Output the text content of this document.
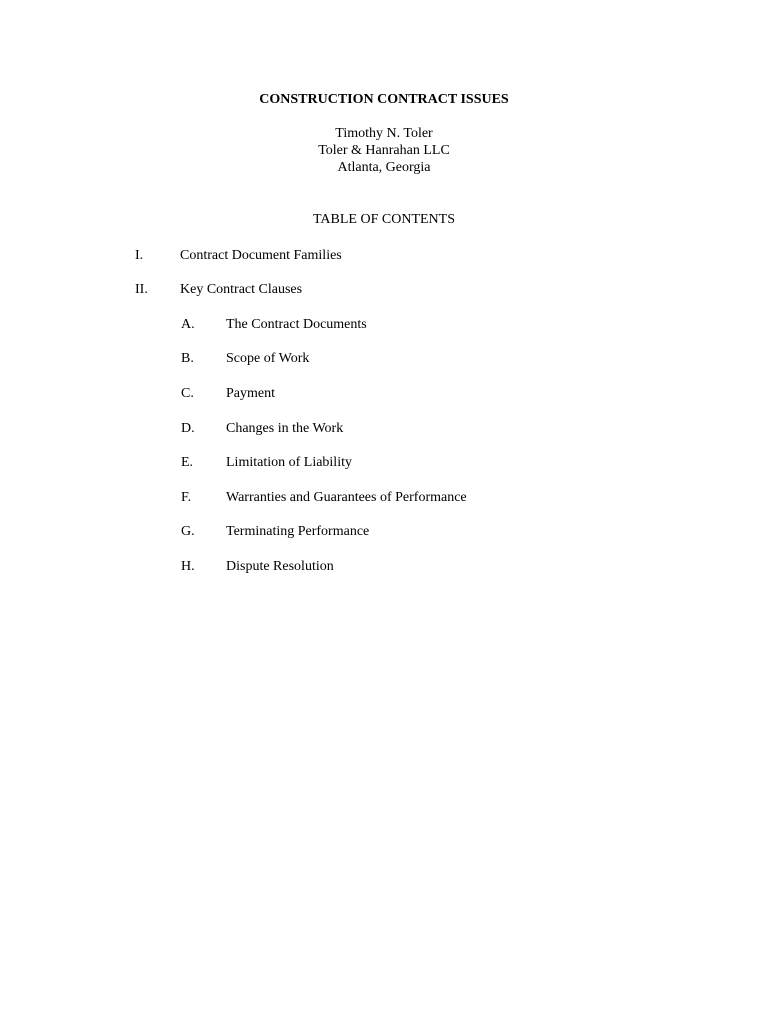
CONSTRUCTION CONTRACT ISSUES
Timothy N. Toler
Toler & Hanrahan LLC
Atlanta, Georgia
TABLE OF CONTENTS
I.	Contract Document Families
II. Key Contract Clauses
A. The Contract Documents
B. Scope of Work
C. Payment
D. Changes in the Work
E. Limitation of Liability
F. Warranties and Guarantees of Performance
G. Terminating Performance
H. Dispute Resolution
